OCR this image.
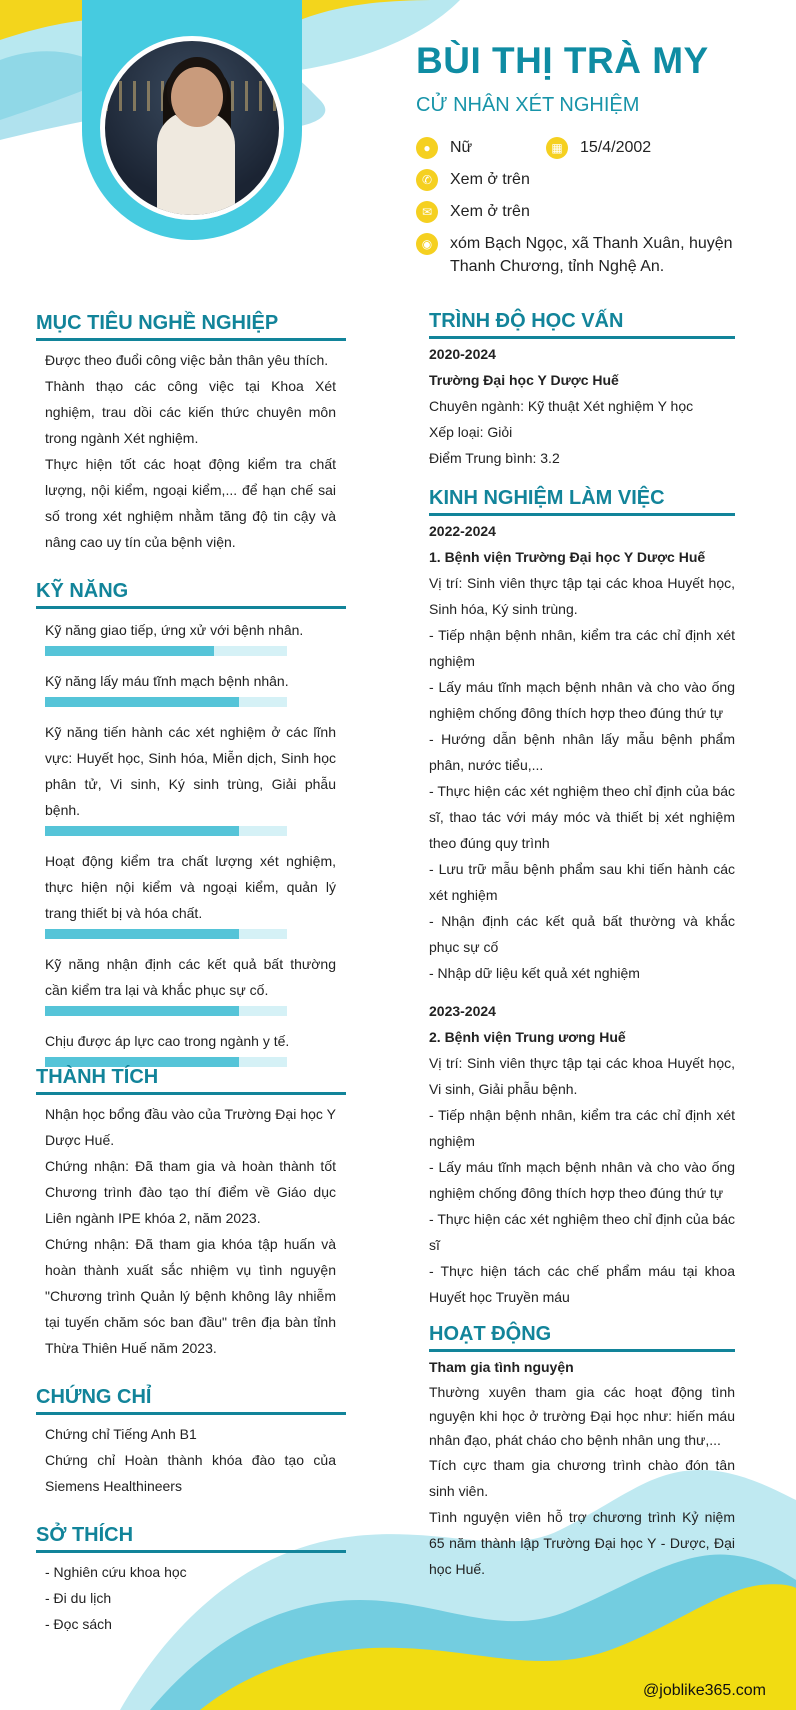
BÙI THỊ TRÀ MY
CỬ NHÂN XÉT NGHIỆM
●	Nữ	▦	15/4/2002
✆	Xem ở trên
✉	Xem ở trên
◉	xóm Bạch Ngọc, xã Thanh Xuân, huyện Thanh Chương, tỉnh Nghệ An.
MỤC TIÊU NGHỀ NGHIỆP
Được theo đuổi công việc bản thân yêu thích.
Thành thạo các công việc tại Khoa Xét nghiệm, trau dồi các kiến thức chuyên môn trong ngành Xét nghiệm.
Thực hiện tốt các hoạt động kiểm tra chất lượng, nội kiểm, ngoại kiểm,... để hạn chế sai số trong xét nghiệm nhằm tăng độ tin cậy và nâng cao uy tín của bệnh viện.
KỸ NĂNG
Kỹ năng giao tiếp, ứng xử với bệnh nhân.
Kỹ năng lấy máu tĩnh mạch bệnh nhân.
Kỹ năng tiến hành các xét nghiệm ở các lĩnh vực: Huyết học, Sinh hóa, Miễn dịch, Sinh học phân tử, Vi sinh, Ký sinh trùng, Giải phẫu bệnh.
Hoạt động kiểm tra chất lượng xét nghiệm, thực hiện nội kiểm và ngoại kiểm, quản lý trang thiết bị và hóa chất.
Kỹ năng nhận định các kết quả bất thường cần kiểm tra lại và khắc phục sự cố.
Chịu được áp lực cao trong ngành y tế.
THÀNH TÍCH
Nhận học bổng đầu vào của Trường Đại học Y Dược Huế.
Chứng nhận: Đã tham gia và hoàn thành tốt Chương trình đào tạo thí điểm về Giáo dục Liên ngành IPE khóa 2, năm 2023.
Chứng nhận: Đã tham gia khóa tập huấn và hoàn thành xuất sắc nhiệm vụ tình nguyện "Chương trình Quản lý bệnh không lây nhiễm tại tuyến chăm sóc ban đầu" trên địa bàn tỉnh Thừa Thiên Huế năm 2023.
CHỨNG CHỈ
Chứng chỉ Tiếng Anh B1
Chứng chỉ Hoàn thành khóa đào tạo của Siemens Healthineers
SỞ THÍCH
- Nghiên cứu khoa học
- Đi du lịch
- Đọc sách
TRÌNH ĐỘ HỌC VẤN
2020-2024
Trường Đại học Y Dược Huế
Chuyên ngành: Kỹ thuật Xét nghiệm Y học
Xếp loại: Giỏi
Điểm Trung bình: 3.2
KINH NGHIỆM LÀM VIỆC
2022-2024
1. Bệnh viện Trường Đại học Y Dược Huế
Vị trí: Sinh viên thực tập tại các khoa Huyết học, Sinh hóa, Ký sinh trùng.
- Tiếp nhận bệnh nhân, kiểm tra các chỉ định xét nghiệm
- Lấy máu tĩnh mạch bệnh nhân và cho vào ống nghiệm chống đông thích hợp theo đúng thứ tự
- Hướng dẫn bệnh nhân lấy mẫu bệnh phẩm phân, nước tiểu,...
- Thực hiện các xét nghiệm theo chỉ định của bác sĩ, thao tác với máy móc và thiết bị xét nghiệm theo đúng quy trình
- Lưu trữ mẫu bệnh phẩm sau khi tiến hành các xét nghiệm
- Nhận định các kết quả bất thường và khắc phục sự cố
- Nhập dữ liệu kết quả xét nghiệm
2023-2024
2. Bệnh viện Trung ương Huế
Vị trí: Sinh viên thực tập tại các khoa Huyết học, Vi sinh, Giải phẫu bệnh.
- Tiếp nhận bệnh nhân, kiểm tra các chỉ định xét nghiệm
- Lấy máu tĩnh mạch bệnh nhân và cho vào ống nghiệm chống đông thích hợp theo đúng thứ tự
- Thực hiện các xét nghiệm theo chỉ định của bác sĩ
- Thực hiện tách các chế phẩm máu tại khoa Huyết học Truyền máu
HOẠT ĐỘNG
Tham gia tình nguyện
Thường xuyên tham gia các hoạt động tình nguyện khi học ở trường Đại học như: hiến máu nhân đạo, phát cháo cho bệnh nhân ung thư,...
Tích cực tham gia chương trình chào đón tân sinh viên.
Tình nguyện viên hỗ trợ chương trình Kỷ niệm 65 năm thành lập Trường Đại học Y - Dược, Đại học Huế.
@joblike365.com
